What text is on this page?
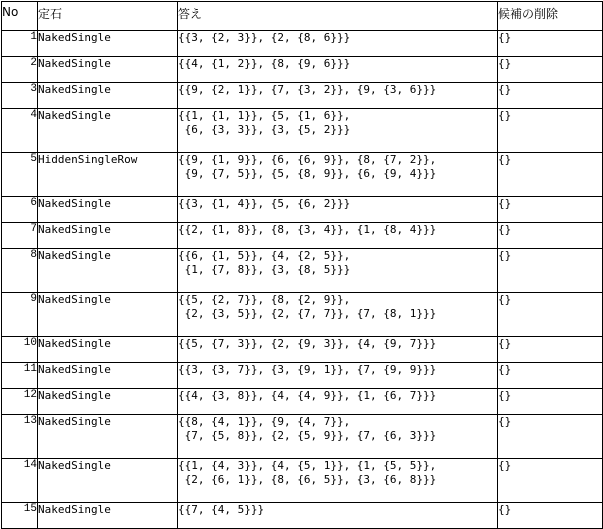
No	定石	答え	候補の削除
1	NakedSingle	{{3, {2, 3}}, {2, {8, 6}}}	{}

2	NakedSingle	{{4, {1, 2}}, {8, {9, 6}}}	{}

3	NakedSingle	{{9, {2, 1}}, {7, {3, 2}}, {9, {3, 6}}}	{}

4	NakedSingle	{{1, {1, 1}}, {5, {1, 6}},
{6, {3, 3}}, {3, {5, 2}}}	{}

5	HiddenSingleRow	{{9, {1, 9}}, {6, {6, 9}}, {8, {7, 2}},
{9, {7, 5}}, {5, {8, 9}}, {6, {9, 4}}}	{}

6	NakedSingle	{{3, {1, 4}}, {5, {6, 2}}}	{}

7	NakedSingle	{{2, {1, 8}}, {8, {3, 4}}, {1, {8, 4}}}	{}

8	NakedSingle	{{6, {1, 5}}, {4, {2, 5}},
{1, {7, 8}}, {3, {8, 5}}}	{}

9	NakedSingle	{{5, {2, 7}}, {8, {2, 9}},
{2, {3, 5}}, {2, {7, 7}}, {7, {8, 1}}}	{}

10	NakedSingle	{{5, {7, 3}}, {2, {9, 3}}, {4, {9, 7}}}	{}

11	NakedSingle	{{3, {3, 7}}, {3, {9, 1}}, {7, {9, 9}}}	{}

12	NakedSingle	{{4, {3, 8}}, {4, {4, 9}}, {1, {6, 7}}}	{}

13	NakedSingle	{{8, {4, 1}}, {9, {4, 7}},
{7, {5, 8}}, {2, {5, 9}}, {7, {6, 3}}}	{}

14	NakedSingle	{{1, {4, 3}}, {4, {5, 1}}, {1, {5, 5}},
{2, {6, 1}}, {8, {6, 5}}, {3, {6, 8}}}	{}

15	NakedSingle	{{7, {4, 5}}}	{}
